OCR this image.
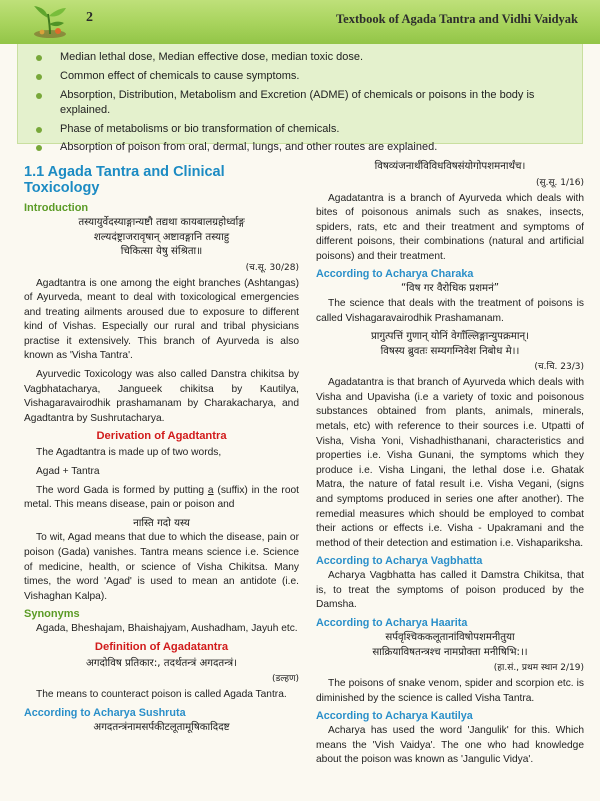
2	Textbook of Agada Tantra and Vidhi Vaidyak
Median lethal dose, Median effective dose, median toxic dose.
Common effect of chemicals to cause symptoms.
Absorption, Distribution, Metabolism and Excretion (ADME) of chemicals or poisons in the body is explained.
Phase of metabolisms or bio transformation of chemicals.
Absorption of poison from oral, dermal, lungs, and other routes are explained.
1.1 Agada Tantra and Clinical Toxicology
Introduction

तस्यायुर्वेदस्याङ्गान्यष्टौ तद्यथा कायबालग्रहोर्ध्वाङ्ग

शल्यदंष्ट्राजरावृषान् अष्टावङ्गानि तस्याहु

चिकित्सा येषु संश्रिता॥

(च.सू. 30/28)

Agadtantra is one among the eight branches (Ashtangas) of Ayurveda, meant to deal with toxicological emergencies and treating ailments aroused due to exposure to different kind of Vishas. Especially our rural and tribal physicians practise it extensively. This branch of Ayurveda is also known as 'Visha Tantra'.

Ayurvedic Toxicology was also called Danstra chikitsa by Vagbhatacharya, Jangueek chikitsa by Kautilya, Vishagaravairodhik prashamanam by Charakacharya, and Agadtantra by Sushrutacharya.

Derivation of Agadtantra

The Agadtantra is made up of two words,

Agad + Tantra

The word Gada is formed by putting a (suffix) in the root metal. This means disease, pain or poison and

नास्ति गदो यस्य

To wit, Agad means that due to which the disease, pain or poison (Gada) vanishes. Tantra means science i.e. Science of medicine, health, or science of Visha Chikitsa. Many times, the word 'Agad' is used to mean an antidote (i.e. Vishaghan Kalpa).

Synonyms

Agada, Bheshajam, Bhaishajyam, Aushadham, Jayuh etc.

Definition of Agadatantra

अगदोविष प्रतिकार:, तदर्थतन्त्रं अगदतन्त्रं।

(डल्हण)

The means to counteract poison is called Agada Tantra.

According to Acharya Sushruta

अगदतन्त्रंनामसर्पकीटलूतामूषिकादिदष्ट

विषव्यंजनार्थंविविधविषसंयोगोपशमनार्थंच।

(सु.सू. 1/16)

Agadatantra is a branch of Ayurveda which deals with bites of poisonous animals such as snakes, insects, spiders, rats, etc and their treatment and symptoms of different poisons, their combinations (natural and artificial poisons) and their treatment.

According to Acharya Charaka

“विष गर वैरोधिक प्रशमनं”

The science that deals with the treatment of poisons is called Vishagaravairodhik Prashamanam.

प्रागुत्पत्तिं गुणान् योनिं वेगाँल्लिङ्गान्युपक्रमान्।

विषस्य ब्रुवतः सम्यगग्निवेश निबोध मे।।

(च.चि. 23/3)

Agadatantra is that branch of Ayurveda which deals with Visha and Upavisha (i.e a variety of toxic and poisonous substances obtained from plants, animals, minerals, metals, etc) with reference to their sources i.e. Utpatti of Visha, Visha Yoni, Vishadhisthanani, characteristics and properties i.e. Visha Gunani, the symptoms which they produce i.e. Visha Lingani, the lethal dose i.e. Ghatak Matra, the nature of fatal result i.e. Visha Vegani, (signs and symptoms produced in series one after another). The remedial measures which should be employed to combat their actions or effects i.e. Visha - Upakramani and the method of their detection and estimation i.e. Vishapariksha.

According to Acharya Vagbhatta

Acharya Vagbhatta has called it Damstra Chikitsa, that is, to treat the symptoms of poison produced by the Damsha.

According to Acharya Haarita

सर्पवृश्चिककलूतानांविषोपशमनीतुया

साक्रियाविषतन्त्रश्च नामप्रोक्ता मनीषिभि:।।

(हा.सं., प्रथम स्थान 2/19)

The poisons of snake venom, spider and scorpion etc. is diminished by the science is called Visha Tantra.

According to Acharya Kautilya

Acharya has used the word 'Jangulik' for this. Which means the 'Vish Vaidya'. The one who had knowledge about the poison was known as 'Jangulic Vidya'.
